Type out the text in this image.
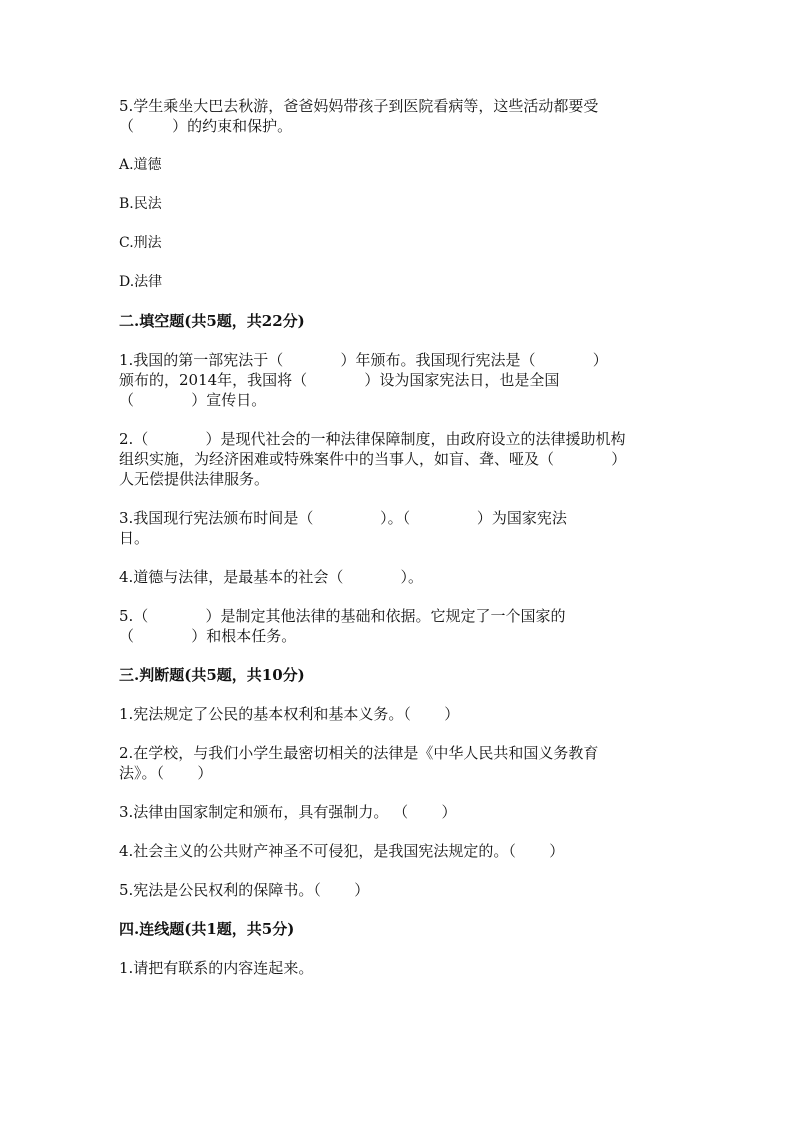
5.学生乘坐大巴去秋游，爸爸妈妈带孩子到医院看病等，这些活动都要受

（        ）的约束和保护。

A.道德

B.民法

C.刑法

D.法律

二.填空题(共5题，共22分)

1.我国的第一部宪法于（            ）年颁布。我国现行宪法是（            ）

颁布的，2014年，我国将（            ）设为国家宪法日，也是全国

（            ）宣传日。

2.（            ）是现代社会的一种法律保障制度，由政府设立的法律援助机构

组织实施，为经济困难或特殊案件中的当事人，如盲、聋、哑及（            ）

人无偿提供法律服务。

3.我国现行宪法颁布时间是（              ）。（              ）为国家宪法

日。

4.道德与法律，是最基本的社会（            ）。

5.（            ）是制定其他法律的基础和依据。它规定了一个国家的

（            ）和根本任务。

三.判断题(共5题，共10分)

1.宪法规定了公民的基本权利和基本义务。（       ）

2.在学校，与我们小学生最密切相关的法律是《中华人民共和国义务教育

法》。（       ）

3.法律由国家制定和颁布，具有强制力。 （       ）

4.社会主义的公共财产神圣不可侵犯，是我国宪法规定的。（       ）

5.宪法是公民权利的保障书。（       ）

四.连线题(共1题，共5分)

1.请把有联系的内容连起来。
